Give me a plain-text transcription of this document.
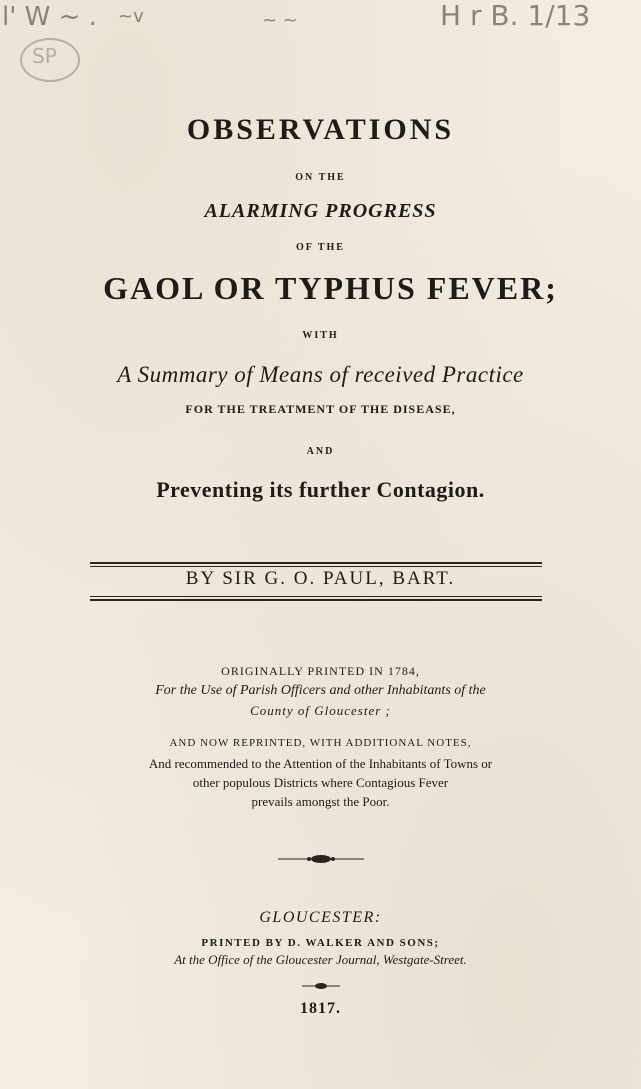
l' W ~ . ~v	~ ~	H r B. 1/13
SP
OBSERVATIONS
ON THE
ALARMING PROGRESS
OF THE
GAOL OR TYPHUS FEVER;
WITH
A Summary of Means of received Practice
FOR THE TREATMENT OF THE DISEASE,
AND
Preventing its further Contagion.
BY SIR G. O. PAUL, BART.
ORIGINALLY PRINTED IN 1784,
For the Use of Parish Officers and other Inhabitants of the
County of Gloucester ;
AND NOW REPRINTED, WITH ADDITIONAL NOTES,
And recommended to the Attention of the Inhabitants of Towns or
other populous Districts where Contagious Fever
prevails amongst the Poor.
GLOUCESTER:
PRINTED BY D. WALKER AND SONS;
At the Office of the Gloucester Journal, Westgate-Street.
1817.
